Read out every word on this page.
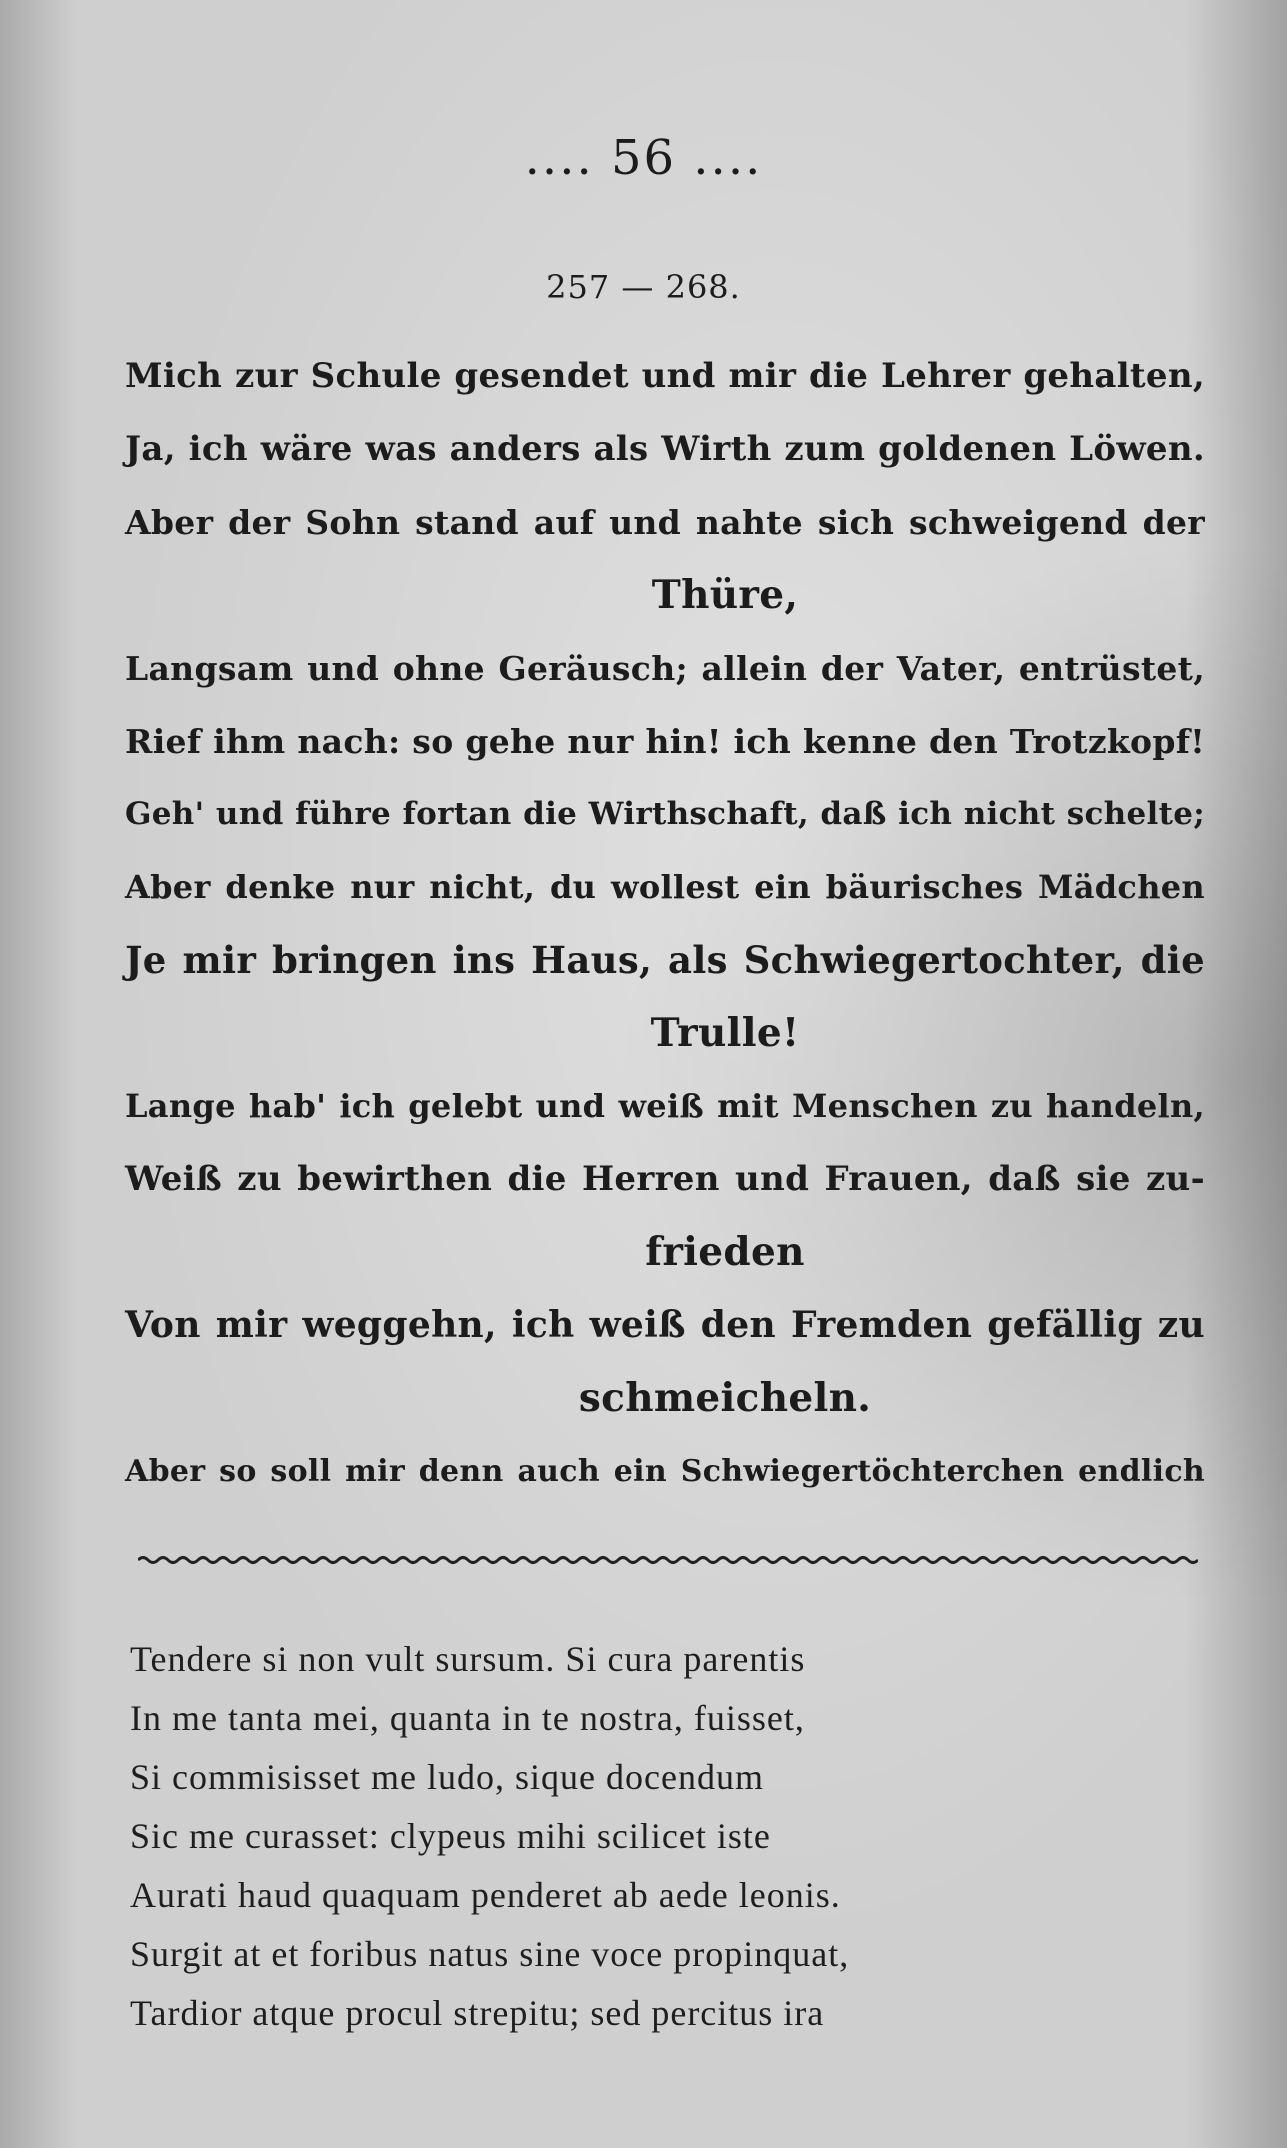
.... 56 ....
257 — 268.
Mich zur Schule gesendet und mir die Lehrer gehalten,
Ja, ich wäre was anders als Wirth zum goldenen Löwen.
Aber der Sohn stand auf und nahte sich schweigend der
Thüre,
Langsam und ohne Geräusch; allein der Vater, entrüstet,
Rief ihm nach: so gehe nur hin! ich kenne den Trotzkopf!
Geh' und führe fortan die Wirthschaft, daß ich nicht schelte;
Aber denke nur nicht, du wollest ein bäurisches Mädchen
Je mir bringen ins Haus, als Schwiegertochter, die
Trulle!
Lange hab' ich gelebt und weiß mit Menschen zu handeln,
Weiß zu bewirthen die Herren und Frauen, daß sie zu-
frieden
Von mir weggehn, ich weiß den Fremden gefällig zu
schmeicheln.
Aber so soll mir denn auch ein Schwiegertöchterchen endlich
Tendere si non vult sursum. Si cura parentis
In me tanta mei, quanta in te nostra, fuisset,
Si commisisset me ludo, sique docendum
Sic me curasset: clypeus mihi scilicet iste
Aurati haud quaquam penderet ab aede leonis.
Surgit at et foribus natus sine voce propinquat,
Tardior atque procul strepitu; sed percitus ira
